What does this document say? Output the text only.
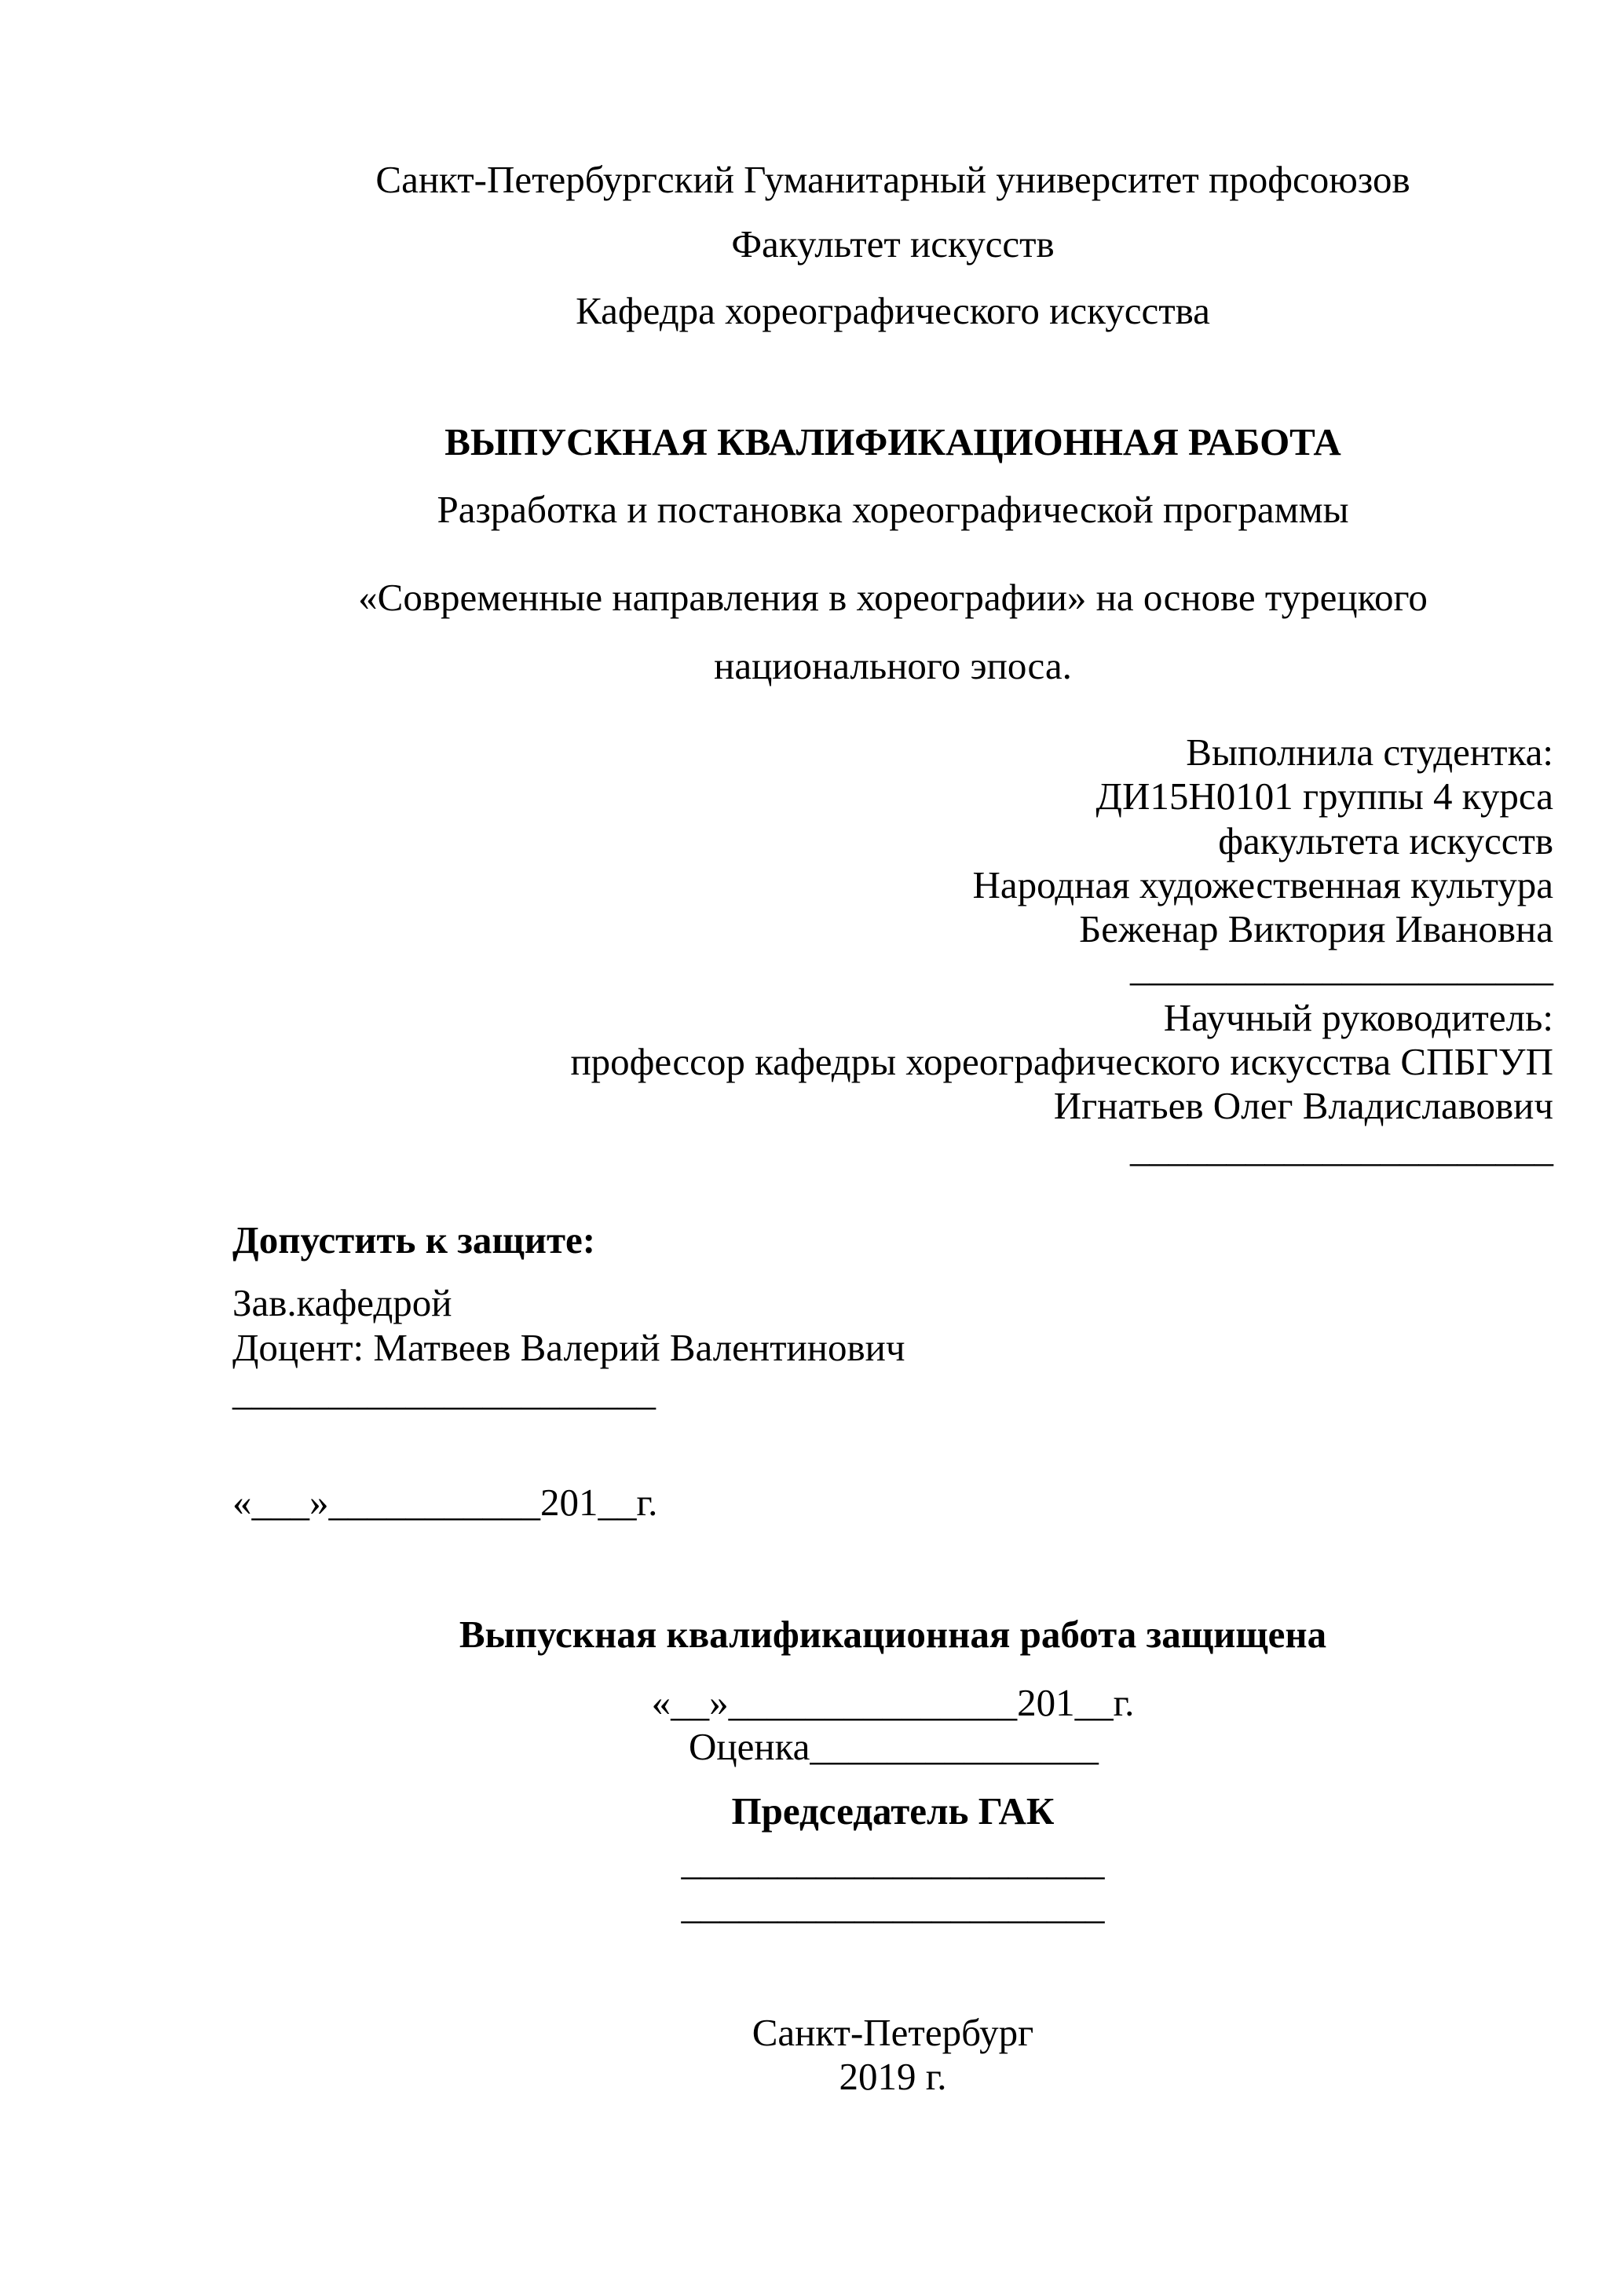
Санкт-Петербургский Гуманитарный университет профсоюзов
Факультет искусств
Кафедра хореографического искусства
ВЫПУСКНАЯ КВАЛИФИКАЦИОННАЯ РАБОТА
Разработка и постановка хореографической программы
«Современные направления в хореографии» на основе турецкого
национального эпоса.
Выполнила студентка:
ДИ15Н0101 группы 4 курса
факультета искусств
Народная художественная культура
Беженар Виктория Ивановна
______________________
Научный руководитель:
профессор кафедры хореографического искусства СПБГУП
Игнатьев Олег Владиславович
______________________
Допустить к защите:
Зав.кафедрой
Доцент: Матвеев Валерий Валентинович
______________________
«___»___________201__г.
Выпускная квалификационная работа защищена
«__»_______________201__г.
Оценка_______________
Председатель ГАК
______________________
______________________
Санкт-Петербург
2019 г.
